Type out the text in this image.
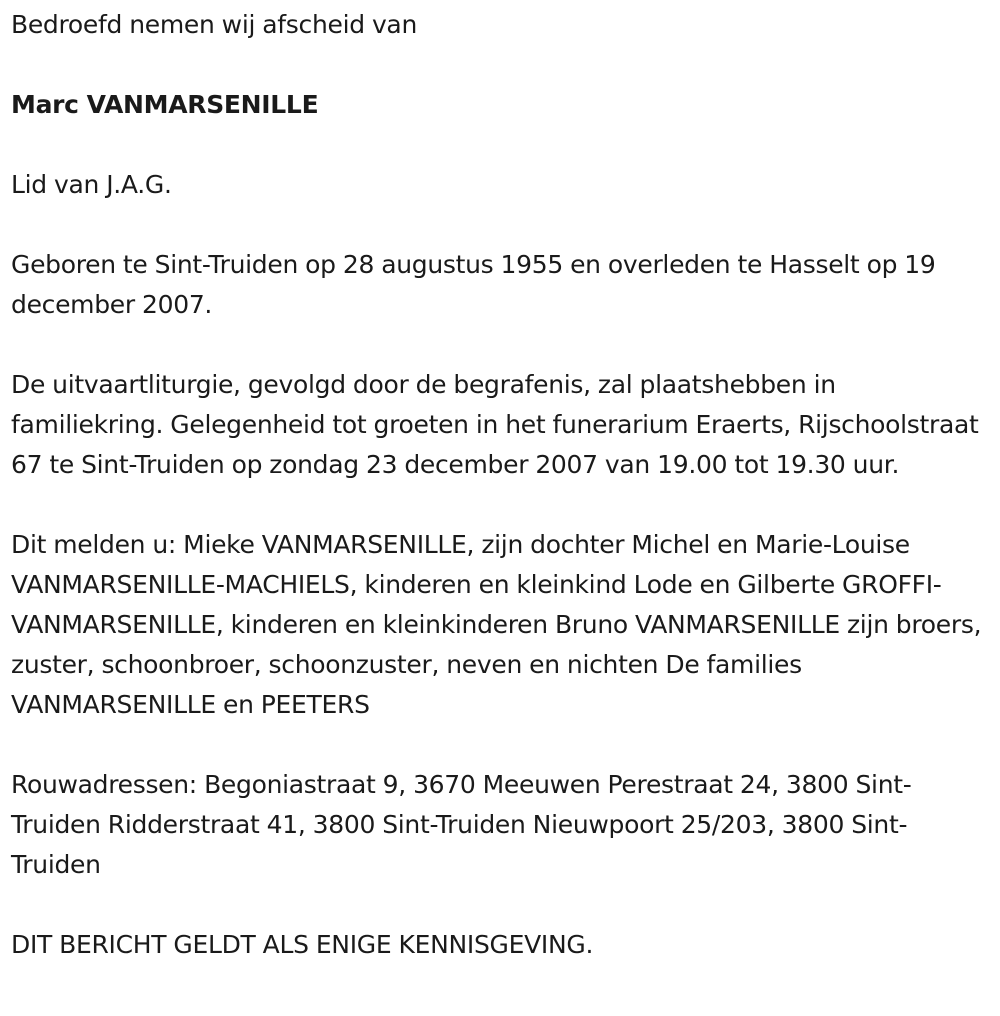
Bedroefd nemen wij afscheid van

Marc VANMARSENILLE

Lid van J.A.G.

Geboren te Sint-Truiden op 28 augustus 1955 en overleden te Hasselt op 19 december 2007.

De uitvaartliturgie, gevolgd door de begrafenis, zal plaatshebben in familiekring. Gelegenheid tot groeten in het funerarium Eraerts, Rijschoolstraat 67 te Sint-Truiden op zondag 23 december 2007 van 19.00 tot 19.30 uur.

Dit melden u: Mieke VANMARSENILLE, zijn dochter Michel en Marie-Louise VANMARSENILLE-MACHIELS, kinderen en kleinkind Lode en Gilberte GROFFI-VANMARSENILLE, kinderen en kleinkinderen Bruno VANMARSENILLE zijn broers, zuster, schoonbroer, schoonzuster, neven en nichten De families VANMARSENILLE en PEETERS

Rouwadressen: Begoniastraat 9, 3670 Meeuwen Perestraat 24, 3800 Sint-Truiden Ridderstraat 41, 3800 Sint-Truiden Nieuwpoort 25/203, 3800 Sint-Truiden

DIT BERICHT GELDT ALS ENIGE KENNISGEVING.
